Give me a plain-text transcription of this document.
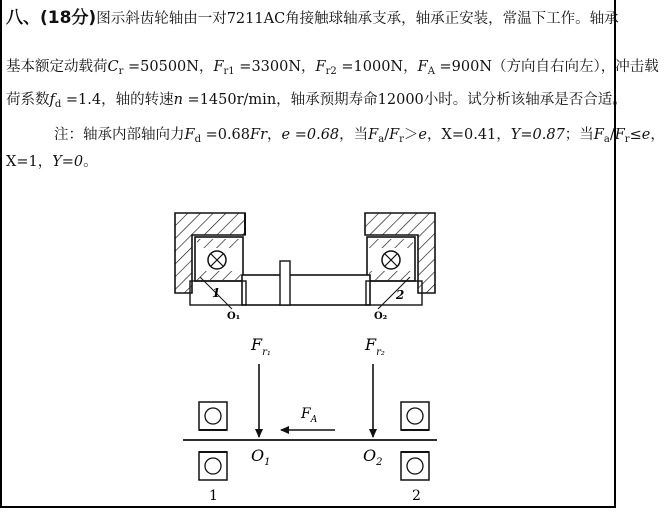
八、(18分)图示斜齿轮轴由一对7211AC角接触球轴承支承，轴承正安装，常温下工作。轴承
基本额定动载荷$C_r =50500N$，$F_{r1} =3300N$，$F_{r2} =1000N$，$F_A =900N$（方向自右向左），冲击载
荷系数$f_d =1.4$，轴的转速n =1450r/min，轴承预期寿命12000小时。试分析该轴承是否合适。
注：轴承内部轴向力$F_d =0.68Fr$，e =0.68，当$F_a/F_r>e$，X=0.41，Y=0.87；当$F_a/F_r\le e$，
X=1，Y=0。
1	2
O₁	O₂
$F_{r_1}$	$F_{r_2}$
$F_A$
$O_1$	$O_2$
1	2
